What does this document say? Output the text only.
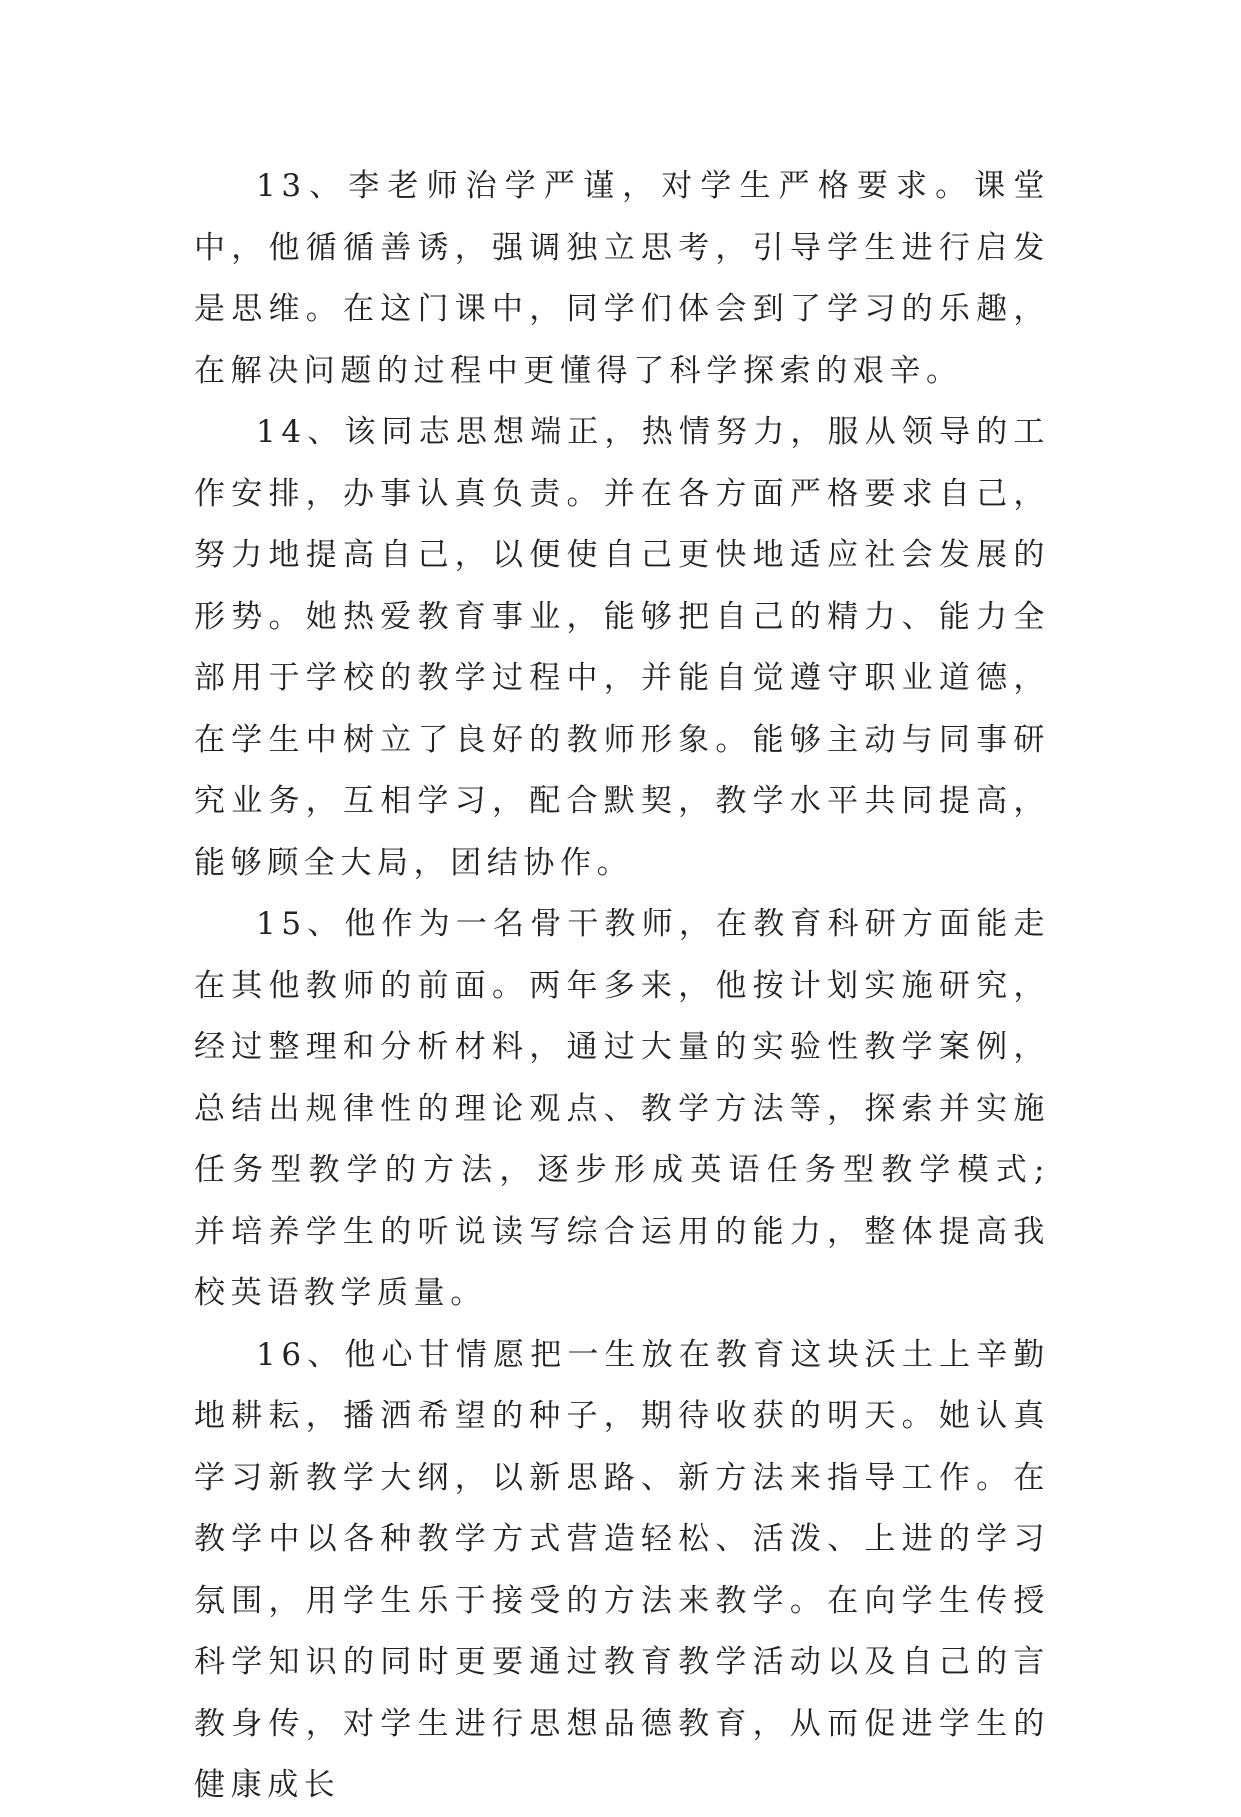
13、李老师治学严谨，对学生严格要求。课堂中，他循循善诱，强调独立思考，引导学生进行启发是思维。在这门课中，同学们体会到了学习的乐趣，在解决问题的过程中更懂得了科学探索的艰辛。

14、该同志思想端正，热情努力，服从领导的工作安排，办事认真负责。并在各方面严格要求自己，努力地提高自己，以便使自己更快地适应社会发展的形势。她热爱教育事业，能够把自己的精力、能力全部用于学校的教学过程中，并能自觉遵守职业道德，在学生中树立了良好的教师形象。能够主动与同事研究业务，互相学习，配合默契，教学水平共同提高，能够顾全大局，团结协作。

15、他作为一名骨干教师，在教育科研方面能走在其他教师的前面。两年多来，他按计划实施研究，经过整理和分析材料，通过大量的实验性教学案例，总结出规律性的理论观点、教学方法等，探索并实施任务型教学的方法，逐步形成英语任务型教学模式;并培养学生的听说读写综合运用的能力，整体提高我校英语教学质量。

16、他心甘情愿把一生放在教育这块沃土上辛勤地耕耘，播洒希望的种子，期待收获的明天。她认真学习新教学大纲，以新思路、新方法来指导工作。在教学中以各种教学方式营造轻松、活泼、上进的学习氛围，用学生乐于接受的方法来教学。在向学生传授科学知识的同时更要通过教育教学活动以及自己的言教身传，对学生进行思想品德教育，从而促进学生的健康成长
